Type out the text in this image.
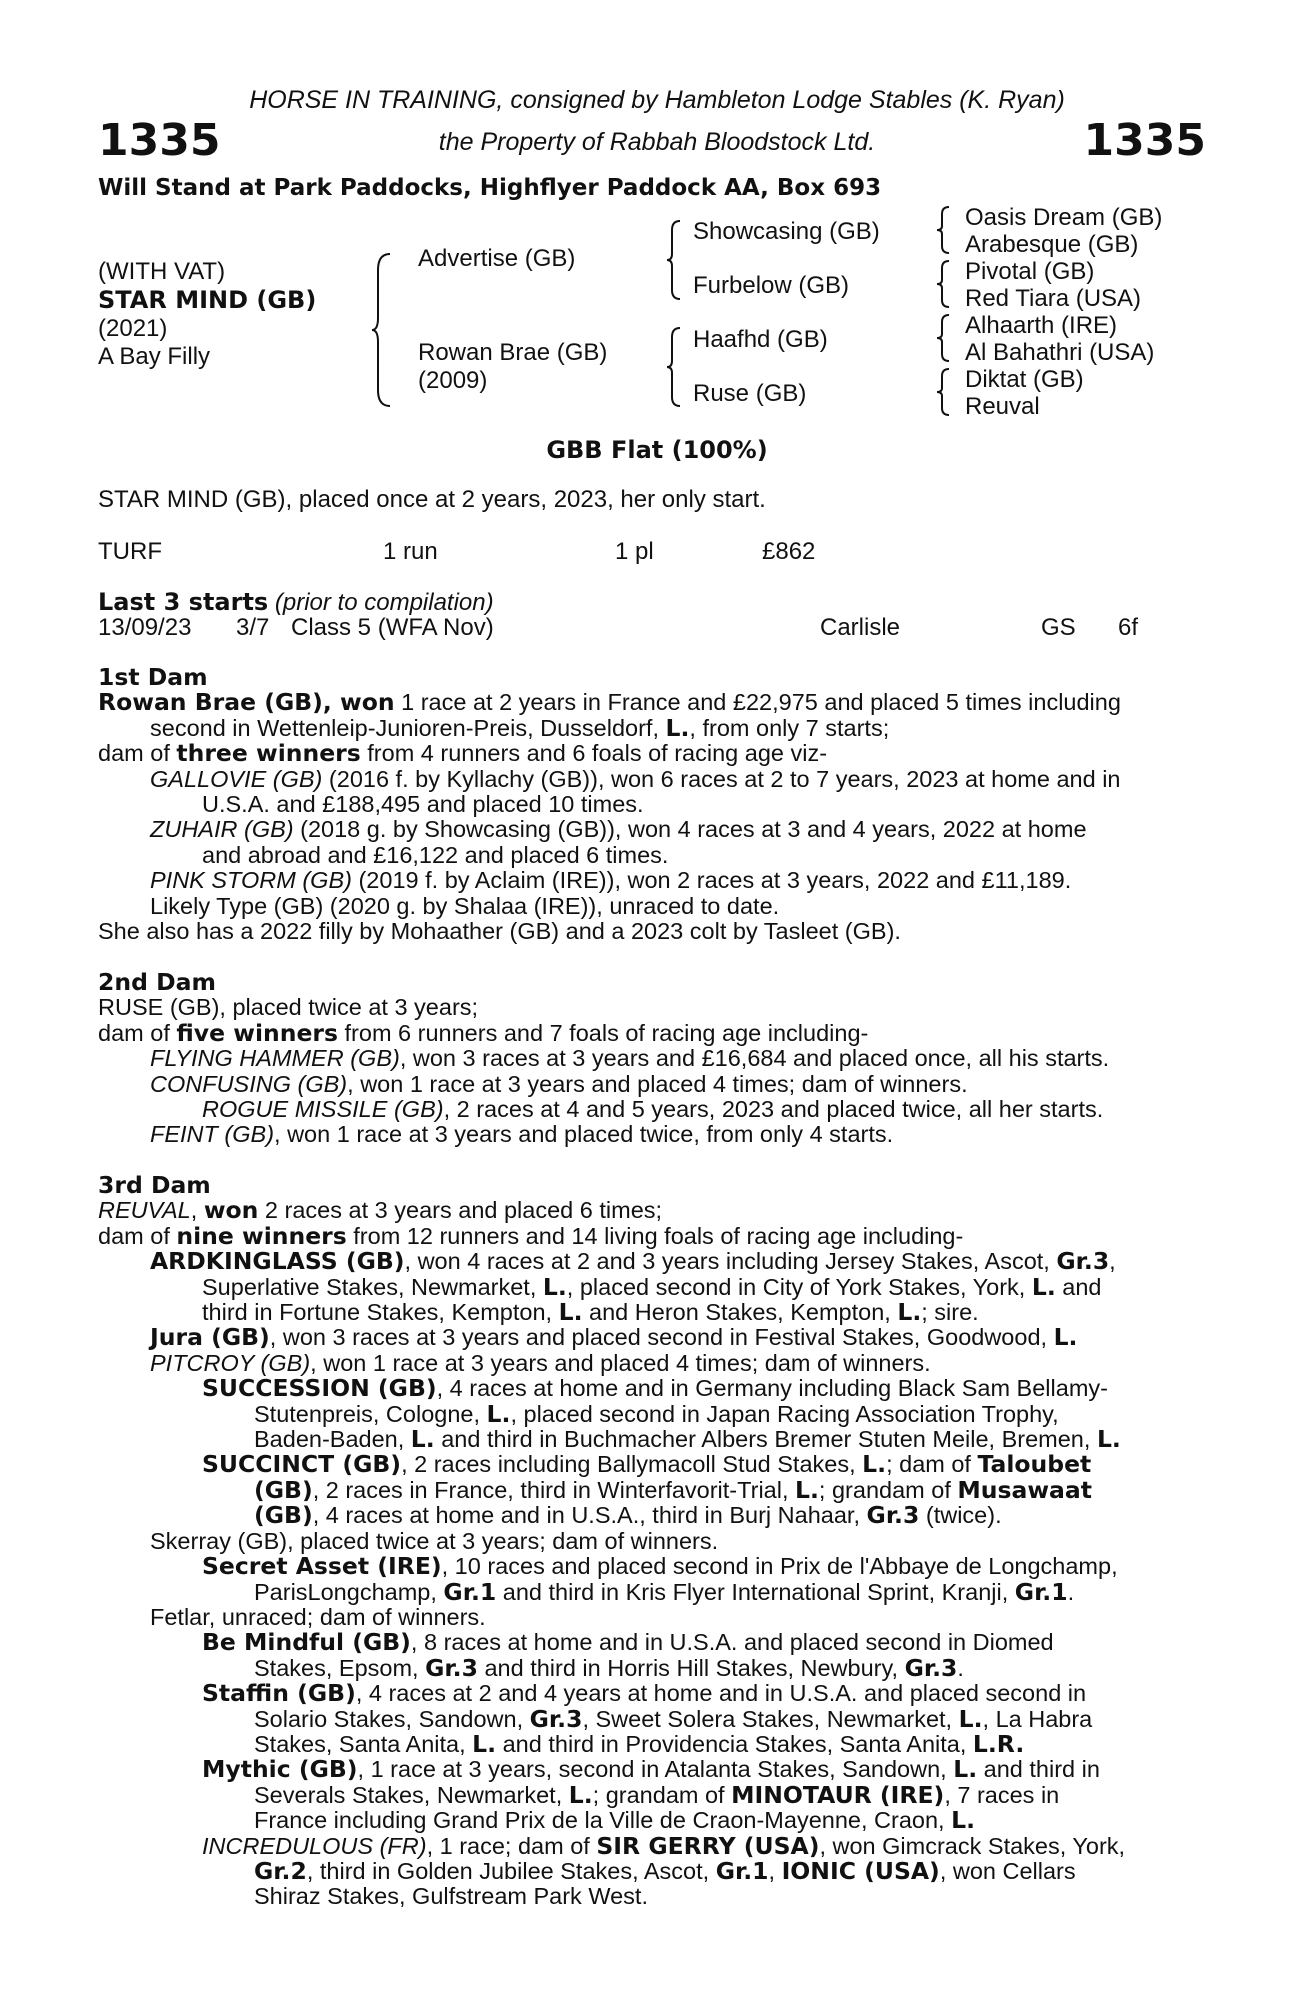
HORSE IN TRAINING, consigned by Hambleton Lodge Stables (K. Ryan)
the Property of Rabbah Bloodstock Ltd.
1335	1335
Will Stand at Park Paddocks, Highflyer Paddock AA, Box 693
(WITH VAT)
STAR MIND (GB)
(2021)
A Bay Filly
Advertise (GB)
Rowan Brae (GB)
(2009)
Showcasing (GB)
Furbelow (GB)
Haafhd (GB)
Ruse (GB)
Oasis Dream (GB)
Arabesque (GB)
Pivotal (GB)
Red Tiara (USA)
Alhaarth (IRE)
Al Bahathri (USA)
Diktat (GB)
Reuval
GBB Flat (100%)
STAR MIND (GB), placed once at 2 years, 2023, her only start.
TURF	1 run	1 pl	£862
Last 3 starts (prior to compilation)
13/09/23 3/7 Class 5 (WFA Nov)	Carlisle	GS 6f
1st Dam
Rowan Brae (GB), won 1 race at 2 years in France and £22,975 and placed 5 times including
second in Wettenleip-Junioren-Preis, Dusseldorf, L., from only 7 starts;
dam of three winners from 4 runners and 6 foals of racing age viz-
GALLOVIE (GB) (2016 f. by Kyllachy (GB)), won 6 races at 2 to 7 years, 2023 at home and in
U.S.A. and £188,495 and placed 10 times.
ZUHAIR (GB) (2018 g. by Showcasing (GB)), won 4 races at 3 and 4 years, 2022 at home
and abroad and £16,122 and placed 6 times.
PINK STORM (GB) (2019 f. by Aclaim (IRE)), won 2 races at 3 years, 2022 and £11,189.
Likely Type (GB) (2020 g. by Shalaa (IRE)), unraced to date.
She also has a 2022 filly by Mohaather (GB) and a 2023 colt by Tasleet (GB).
2nd Dam
RUSE (GB), placed twice at 3 years;
dam of five winners from 6 runners and 7 foals of racing age including-
FLYING HAMMER (GB), won 3 races at 3 years and £16,684 and placed once, all his starts.
CONFUSING (GB), won 1 race at 3 years and placed 4 times; dam of winners.
ROGUE MISSILE (GB), 2 races at 4 and 5 years, 2023 and placed twice, all her starts.
FEINT (GB), won 1 race at 3 years and placed twice, from only 4 starts.
3rd Dam
REUVAL, won 2 races at 3 years and placed 6 times;
dam of nine winners from 12 runners and 14 living foals of racing age including-
ARDKINGLASS (GB), won 4 races at 2 and 3 years including Jersey Stakes, Ascot, Gr.3,
Superlative Stakes, Newmarket, L., placed second in City of York Stakes, York, L. and
third in Fortune Stakes, Kempton, L. and Heron Stakes, Kempton, L.; sire.
Jura (GB), won 3 races at 3 years and placed second in Festival Stakes, Goodwood, L.
PITCROY (GB), won 1 race at 3 years and placed 4 times; dam of winners.
SUCCESSION (GB), 4 races at home and in Germany including Black Sam Bellamy-
Stutenpreis, Cologne, L., placed second in Japan Racing Association Trophy,
Baden-Baden, L. and third in Buchmacher Albers Bremer Stuten Meile, Bremen, L.
SUCCINCT (GB), 2 races including Ballymacoll Stud Stakes, L.; dam of Taloubet
(GB), 2 races in France, third in Winterfavorit-Trial, L.; grandam of Musawaat
(GB), 4 races at home and in U.S.A., third in Burj Nahaar, Gr.3 (twice).
Skerray (GB), placed twice at 3 years; dam of winners.
Secret Asset (IRE), 10 races and placed second in Prix de l'Abbaye de Longchamp,
ParisLongchamp, Gr.1 and third in Kris Flyer International Sprint, Kranji, Gr.1.
Fetlar, unraced; dam of winners.
Be Mindful (GB), 8 races at home and in U.S.A. and placed second in Diomed
Stakes, Epsom, Gr.3 and third in Horris Hill Stakes, Newbury, Gr.3.
Staffin (GB), 4 races at 2 and 4 years at home and in U.S.A. and placed second in
Solario Stakes, Sandown, Gr.3, Sweet Solera Stakes, Newmarket, L., La Habra
Stakes, Santa Anita, L. and third in Providencia Stakes, Santa Anita, L.R.
Mythic (GB), 1 race at 3 years, second in Atalanta Stakes, Sandown, L. and third in
Severals Stakes, Newmarket, L.; grandam of MINOTAUR (IRE), 7 races in
France including Grand Prix de la Ville de Craon-Mayenne, Craon, L.
INCREDULOUS (FR), 1 race; dam of SIR GERRY (USA), won Gimcrack Stakes, York,
Gr.2, third in Golden Jubilee Stakes, Ascot, Gr.1, IONIC (USA), won Cellars
Shiraz Stakes, Gulfstream Park West.
